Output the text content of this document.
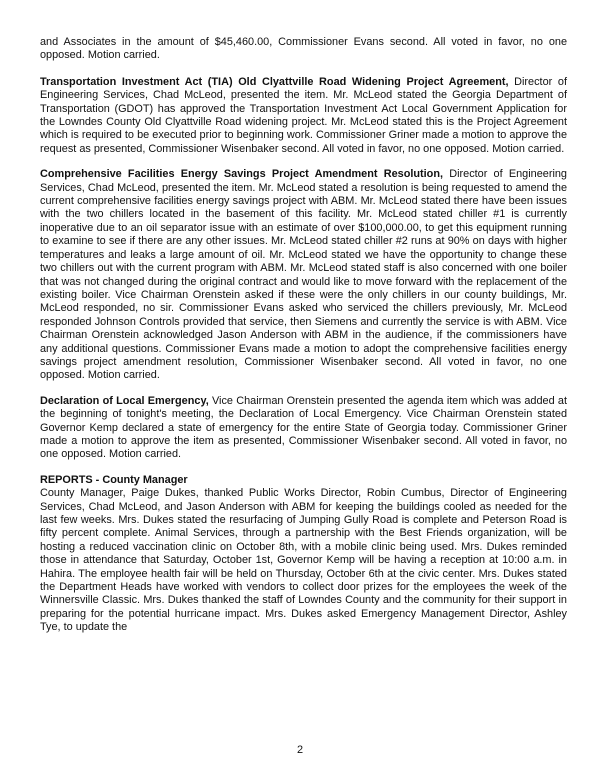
and Associates in the amount of $45,460.00, Commissioner Evans second. All voted in favor, no one opposed. Motion carried.

Transportation Investment Act (TIA) Old Clyattville Road Widening Project Agreement, Director of Engineering Services, Chad McLeod, presented the item. Mr. McLeod stated the Georgia Department of Transportation (GDOT) has approved the Transportation Investment Act Local Government Application for the Lowndes County Old Clyattville Road widening project. Mr. McLeod stated this is the Project Agreement which is required to be executed prior to beginning work. Commissioner Griner made a motion to approve the request as presented, Commissioner Wisenbaker second. All voted in favor, no one opposed. Motion carried.

Comprehensive Facilities Energy Savings Project Amendment Resolution, Director of Engineering Services, Chad McLeod, presented the item. Mr. McLeod stated a resolution is being requested to amend the current comprehensive facilities energy savings project with ABM. Mr. McLeod stated there have been issues with the two chillers located in the basement of this facility. Mr. McLeod stated chiller #1 is currently inoperative due to an oil separator issue with an estimate of over $100,000.00, to get this equipment running to examine to see if there are any other issues. Mr. McLeod stated chiller #2 runs at 90% on days with higher temperatures and leaks a large amount of oil. Mr. McLeod stated we have the opportunity to change these two chillers out with the current program with ABM. Mr. McLeod stated staff is also concerned with one boiler that was not changed during the original contract and would like to move forward with the replacement of the existing boiler. Vice Chairman Orenstein asked if these were the only chillers in our county buildings, Mr. McLeod responded, no sir. Commissioner Evans asked who serviced the chillers previously, Mr. McLeod responded Johnson Controls provided that service, then Siemens and currently the service is with ABM. Vice Chairman Orenstein acknowledged Jason Anderson with ABM in the audience, if the commissioners have any additional questions. Commissioner Evans made a motion to adopt the comprehensive facilities energy savings project amendment resolution, Commissioner Wisenbaker second. All voted in favor, no one opposed. Motion carried.

Declaration of Local Emergency, Vice Chairman Orenstein presented the agenda item which was added at the beginning of tonight's meeting, the Declaration of Local Emergency. Vice Chairman Orenstein stated Governor Kemp declared a state of emergency for the entire State of Georgia today. Commissioner Griner made a motion to approve the item as presented, Commissioner Wisenbaker second. All voted in favor, no one opposed. Motion carried.

REPORTS - County Manager

County Manager, Paige Dukes, thanked Public Works Director, Robin Cumbus, Director of Engineering Services, Chad McLeod, and Jason Anderson with ABM for keeping the buildings cooled as needed for the last few weeks. Mrs. Dukes stated the resurfacing of Jumping Gully Road is complete and Peterson Road is fifty percent complete. Animal Services, through a partnership with the Best Friends organization, will be hosting a reduced vaccination clinic on October 8th, with a mobile clinic being used. Mrs. Dukes reminded those in attendance that Saturday, October 1st, Governor Kemp will be having a reception at 10:00 a.m. in Hahira. The employee health fair will be held on Thursday, October 6th at the civic center. Mrs. Dukes stated the Department Heads have worked with vendors to collect door prizes for the employees the week of the Winnersville Classic. Mrs. Dukes thanked the staff of Lowndes County and the community for their support in preparing for the potential hurricane impact. Mrs. Dukes asked Emergency Management Director, Ashley Tye, to update the

2
